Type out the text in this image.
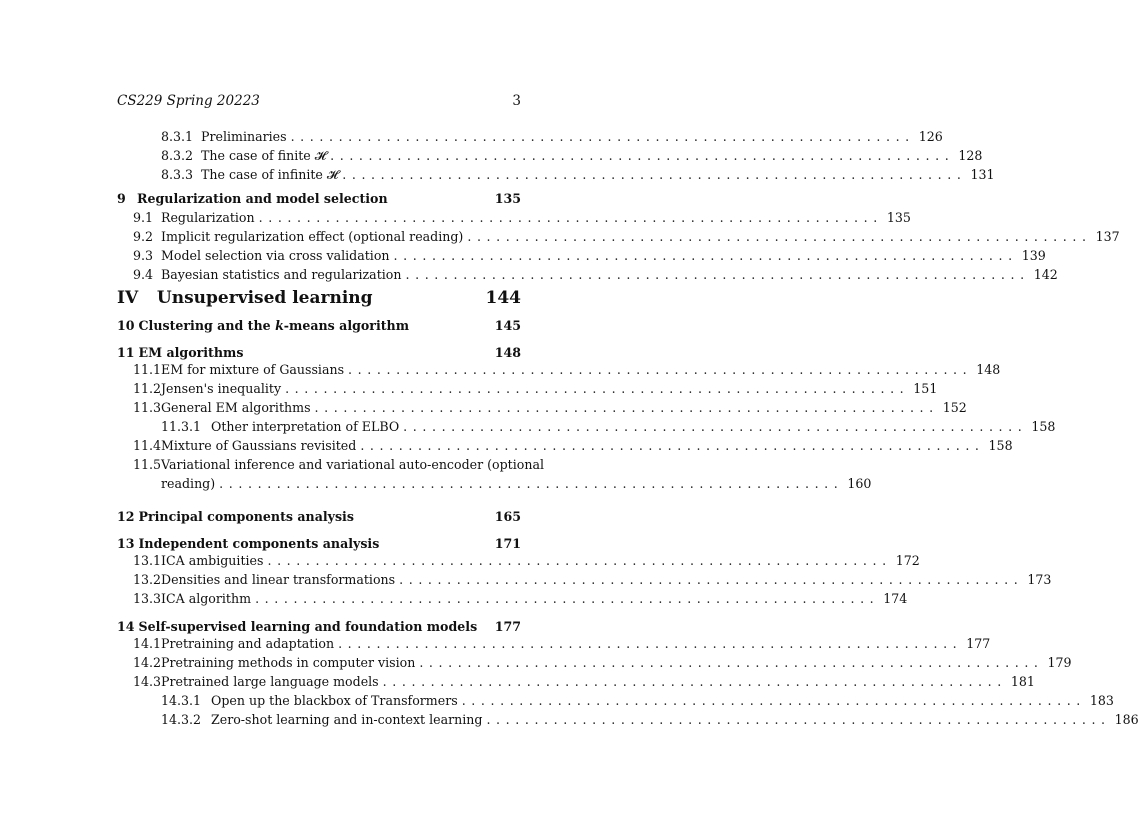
CS229 Spring 20223	3
8.3.1 Preliminaries ................................................................. 126
8.3.2 The case of finite 𝓗 ................................................................. 128
8.3.3 The case of infinite 𝓗 ................................................................. 131
9 Regularization and model selection	135
9.1 Regularization ................................................................. 135
9.2 Implicit regularization effect (optional reading) ................................................................. 137
9.3 Model selection via cross validation ................................................................. 139
9.4 Bayesian statistics and regularization ................................................................. 142
IV Unsupervised learning	144
10 Clustering and the k-means algorithm	145
11 EM algorithms	148
11.1 EM for mixture of Gaussians ................................................................. 148
11.2 Jensen's inequality ................................................................. 151
11.3 General EM algorithms ................................................................. 152
11.3.1 Other interpretation of ELBO ................................................................. 158
11.4 Mixture of Gaussians revisited ................................................................. 158
11.5 Variational inference and variational auto-encoder (optional
reading) ................................................................. 160
12 Principal components analysis	165
13 Independent components analysis	171
13.1 ICA ambiguities ................................................................. 172
13.2 Densities and linear transformations ................................................................. 173
13.3 ICA algorithm ................................................................. 174
14 Self-supervised learning and foundation models 177
14.1 Pretraining and adaptation ................................................................. 177
14.2 Pretraining methods in computer vision ................................................................. 179
14.3 Pretrained large language models ................................................................. 181
14.3.1 Open up the blackbox of Transformers ................................................................. 183
14.3.2 Zero-shot learning and in-context learning ................................................................. 186
